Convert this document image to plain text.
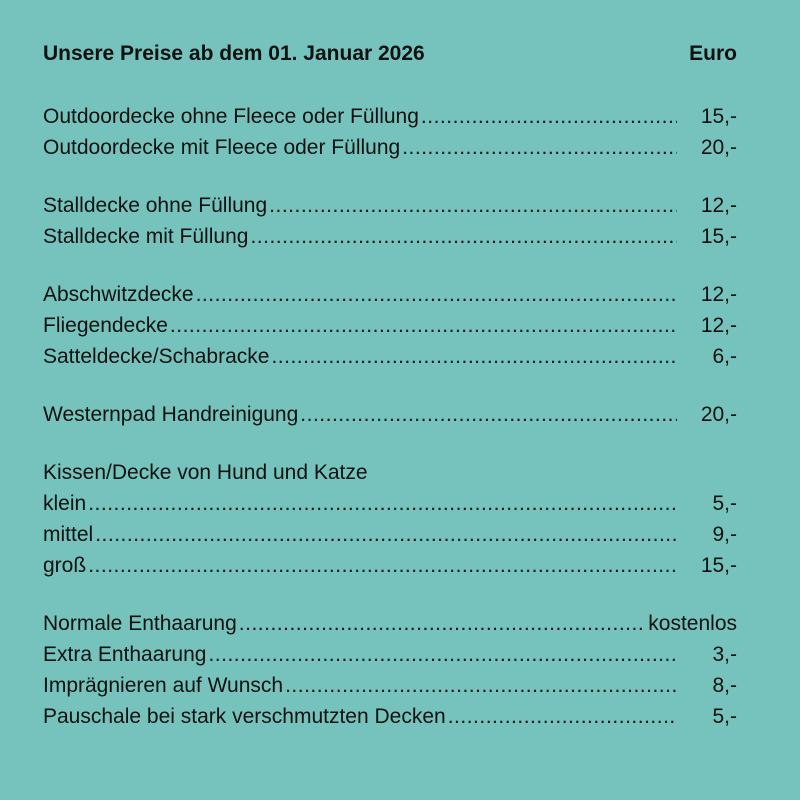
Unsere Preise ab dem 01. Januar 2026	Euro
Outdoordecke ohne Fleece oder Füllung .....	15,-
Outdoordecke mit Fleece oder Füllung .....	20,-
Stalldecke ohne Füllung .....	12,-
Stalldecke mit Füllung .....	15,-
Abschwitzdecke .....	12,-
Fliegendecke .....	12,-
Satteldecke/Schabracke .....	6,-
Westernpad Handreinigung .....	20,-
Kissen/Decke von Hund und Katze
klein .....	5,-
mittel .....	9,-
groß .....	15,-
Normale Enthaarung .....	kostenlos
Extra Enthaarung .....	3,-
Imprägnieren auf Wunsch .....	8,-
Pauschale bei stark verschmutzten Decken .....	5,-
